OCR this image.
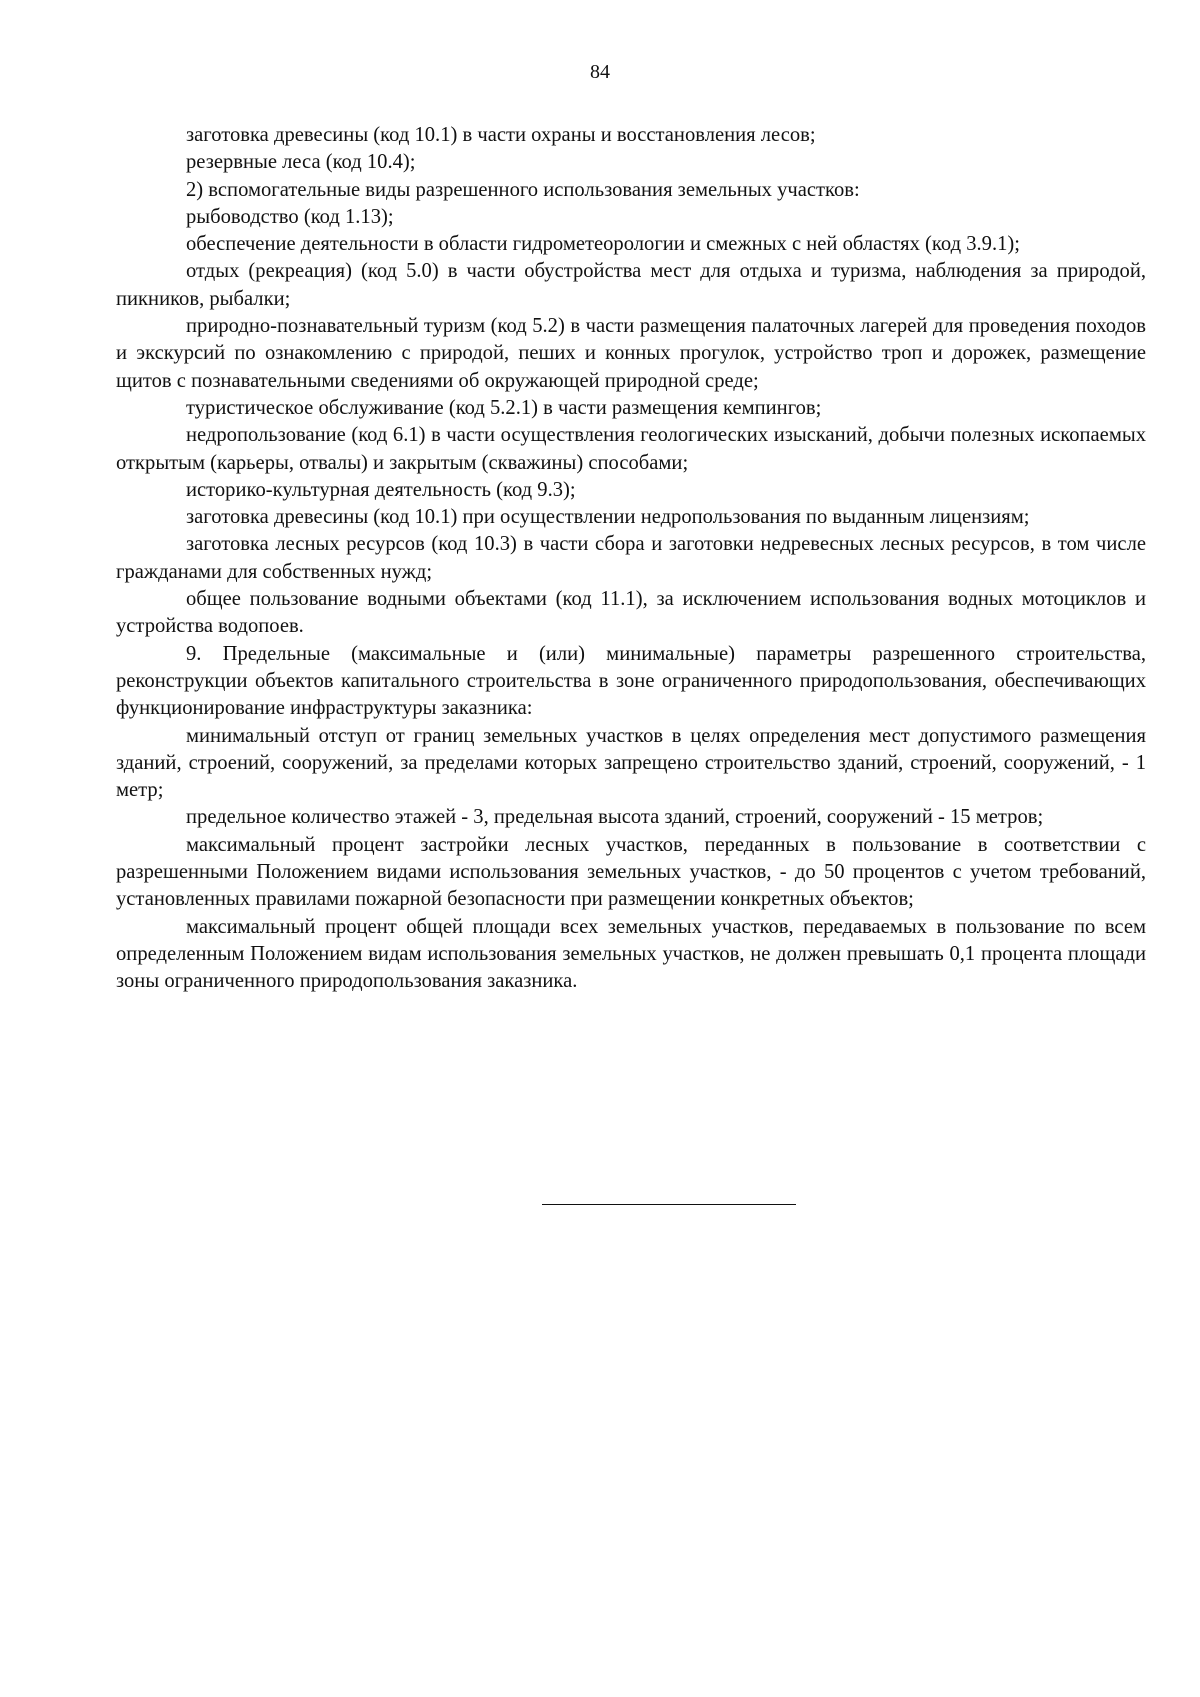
84

заготовка древесины (код 10.1) в части охраны и восстановления лесов;

резервные леса (код 10.4);

2) вспомогательные виды разрешенного использования земельных участков:

рыбоводство (код 1.13);

обеспечение деятельности в области гидрометеорологии и смежных с ней областях (код 3.9.1);

отдых (рекреация) (код 5.0) в части обустройства мест для отдыха и туризма, наблюдения за природой, пикников, рыбалки;

природно-познавательный туризм (код 5.2) в части размещения палаточных лагерей для проведения походов и экскурсий по ознакомлению с природой, пеших и конных прогулок, устройство троп и дорожек, размещение щитов с познавательными сведениями об окружающей природной среде;

туристическое обслуживание (код 5.2.1) в части размещения кемпингов;

недропользование (код 6.1) в части осуществления геологических изысканий, добычи полезных ископаемых открытым (карьеры, отвалы) и закрытым (скважины) способами;

историко-культурная деятельность (код 9.3);

заготовка древесины (код 10.1) при осуществлении недропользования по выданным лицензиям;

заготовка лесных ресурсов (код 10.3) в части сбора и заготовки недревесных лесных ресурсов, в том числе гражданами для собственных нужд;

общее пользование водными объектами (код 11.1), за исключением использования водных мотоциклов и устройства водопоев.

9. Предельные (максимальные и (или) минимальные) параметры разрешенного строительства, реконструкции объектов капитального строительства в зоне ограниченного природопользования, обеспечивающих функционирование инфраструктуры заказника:

минимальный отступ от границ земельных участков в целях определения мест допустимого размещения зданий, строений, сооружений, за пределами которых запрещено строительство зданий, строений, сооружений, - 1 метр;

предельное количество этажей - 3, предельная высота зданий, строений, сооружений - 15 метров;

максимальный процент застройки лесных участков, переданных в пользование в соответствии с разрешенными Положением видами использования земельных участков, - до 50 процентов с учетом требований, установленных правилами пожарной безопасности при размещении конкретных объектов;

максимальный процент общей площади всех земельных участков, передаваемых в пользование по всем определенным Положением видам использования земельных участков, не должен превышать 0,1 процента площади зоны ограниченного природопользования заказника.
